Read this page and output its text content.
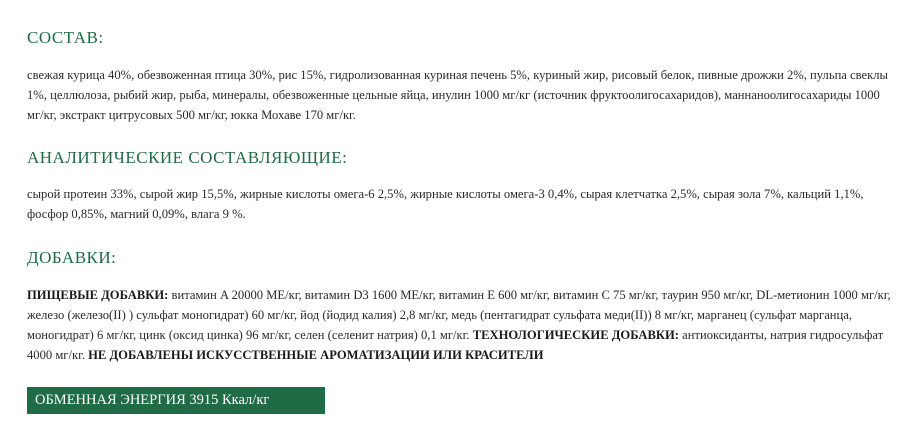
СОСТАВ:

свежая курица 40%, обезвоженная птица 30%, рис 15%, гидролизованная куриная печень 5%, куриный жир, рисовый белок, пивные дрожжи 2%, пульпа свеклы 1%, целлюлоза, рыбий жир, рыба, минералы, обезвоженные цельные яйца, инулин 1000 мг/кг (источник фруктоолигосахаридов), маннаноолигосахариды 1000 мг/кг, экстракт цитрусовых 500 мг/кг, юкка Мохаве 170 мг/кг.

АНАЛИТИЧЕСКИЕ СОСТАВЛЯЮЩИЕ:

сырой протеин 33%, сырой жир 15,5%, жирные кислоты омега-6 2,5%, жирные кислоты омега-3 0,4%, сырая клетчатка 2,5%, сырая зола 7%, кальций 1,1%, фосфор 0,85%, магний 0,09%, влага 9 %.

ДОБАВКИ:

ПИЩЕВЫЕ ДОБАВКИ: витамин A 20000 МЕ/кг, витамин D3 1600 МЕ/кг, витамин E 600 мг/кг, витамин C 75 мг/кг, таурин 950 мг/кг, DL-метионин 1000 мг/кг, железо (железо(II) ) сульфат моногидрат) 60 мг/кг, йод (йодид калия) 2,8 мг/кг, медь (пентагидрат сульфата меди(II)) 8 мг/кг, марганец (сульфат марганца, моногидрат) 6 мг/кг, цинк (оксид цинка) 96 мг/кг, селен (селенит натрия) 0,1 мг/кг. ТЕХНОЛОГИЧЕСКИЕ ДОБАВКИ: антиоксиданты, натрия гидросульфат 4000 мг/кг. НЕ ДОБАВЛЕНЫ ИСКУССТВЕННЫЕ АРОМАТИЗАЦИИ ИЛИ КРАСИТЕЛИ

ОБМЕННАЯ ЭНЕРГИЯ 3915 Ккал/кг
